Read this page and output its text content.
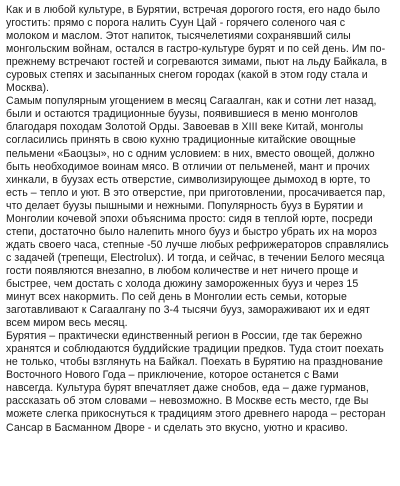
Как и в любой культуре, в Бурятии, встречая дорогого гостя, его надо было
угостить: прямо с порога налить Суун Цай - горячего соленого чая с
молоком и маслом. Этот напиток, тысячелетиями сохранявший силы
монгольским войнам, остался в гастро-культуре бурят и по сей день. Им по-
прежнему встречают гостей и согреваются зимами, пьют на льду Байкала, в
суровых степях и засыпанных снегом городах (какой в этом году стала и
Москва).

Самым популярным угощением в месяц Сагаалган, как и сотни лет назад,
были и остаются традиционные буузы, появившиеся в меню монголов
благодаря походам Золотой Орды. Завоевав в XIII веке Китай, монголы
согласились принять в свою кухню традиционные китайские овощные
пельмени «Баоцзы», но с одним условием: в них, вместо овощей, должно
быть необходимое воинам мясо. В отличии от пельменей, мант и прочих
хинкали, в буузах есть отверстие, символизирующее дымоход в юрте, то
есть – тепло и уют. В это отверстие, при приготовлении, просачивается пар,
что делает буузы пышными и нежными. Популярность бууз в Бурятии и
Монголии кочевой эпохи объяснима просто: сидя в теплой юрте, посреди
степи, достаточно было налепить много бууз и быстро убрать их на мороз
ждать своего часа, степные -50 лучше любых рефрижераторов справлялись
с задачей (трепещи, Electrolux). И тогда, и сейчас, в течении Белого месяца
гости появляются внезапно, в любом количестве и нет ничего проще и
быстрее, чем достать с холода дюжину замороженных бууз и через 15
минут всех накормить. По сей день в Монголии есть семьи, которые
заготавливают к Сагаалгану по 3-4 тысячи бууз, замораживают их и едят
всем миром весь месяц.

Бурятия – практически единственный регион в России, где так бережно
хранятся и соблюдаются буддийские традиции предков. Туда стоит поехать
не только, чтобы взглянуть на Байкал. Поехать в Бурятию на празднование
Восточного Нового Года – приключение, которое останется с Вами
навсегда. Культура бурят впечатляет даже снобов, еда – даже гурманов,
рассказать об этом словами – невозможно. В Москве есть место, где Вы
можете слегка прикоснуться к традициям этого древнего народа – ресторан
Сансар в Басманном Дворе - и сделать это вкусно, уютно и красиво.
